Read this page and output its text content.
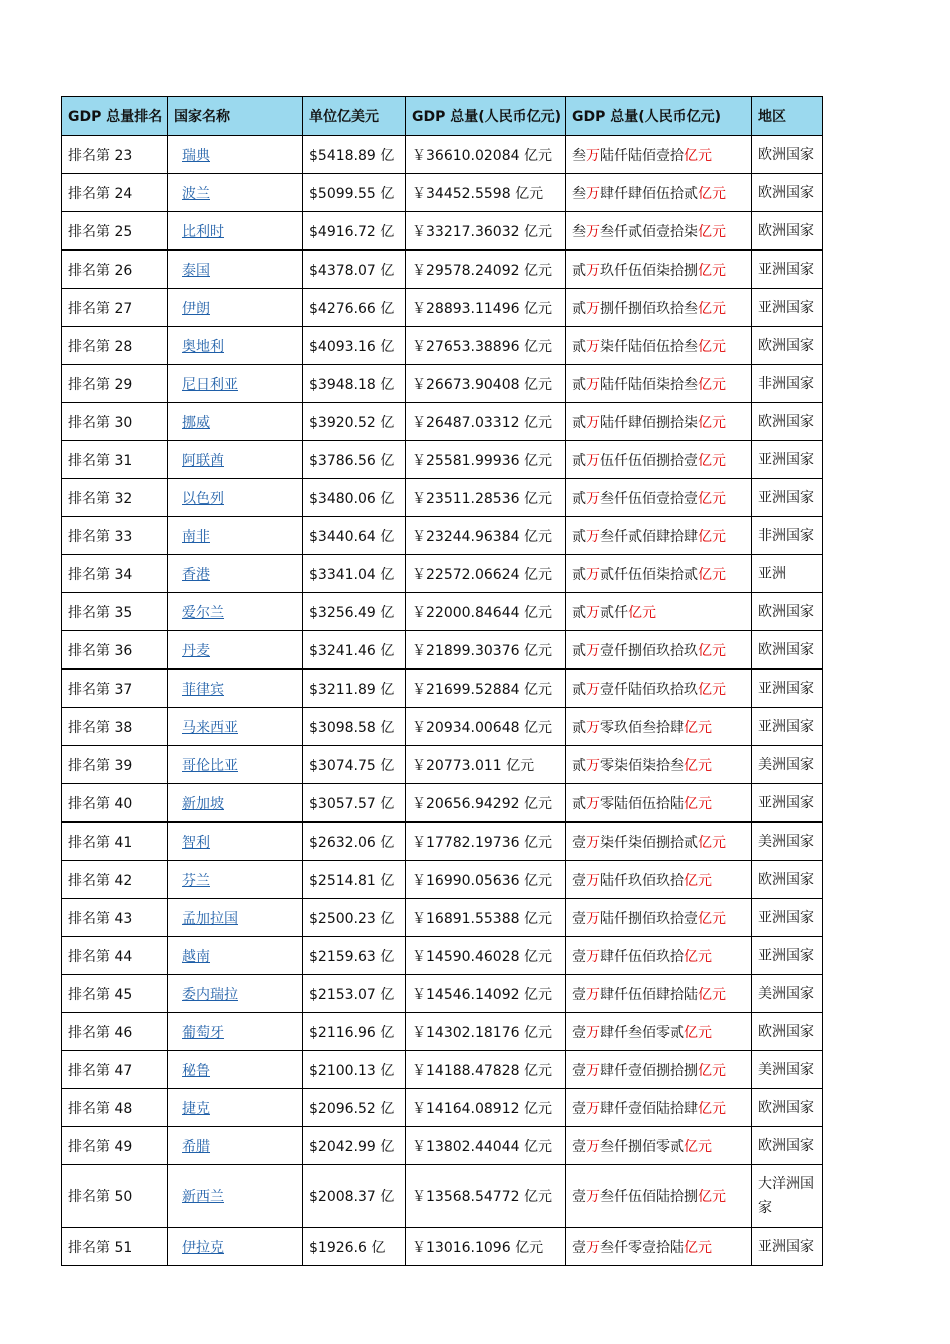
GDP 总量排名	国家名称	单位亿美元	GDP 总量(人民币亿元)	GDP 总量(人民币亿元)	地区
排名第 23	瑞典	$5418.89 亿	￥36610.02084 亿元	叁万陆仟陆佰壹拾亿元	欧洲国家
排名第 24	波兰	$5099.55 亿	￥34452.5598 亿元	叁万肆仟肆佰伍拾贰亿元	欧洲国家
排名第 25	比利时	$4916.72 亿	￥33217.36032 亿元	叁万叁仟贰佰壹拾柒亿元	欧洲国家
排名第 26	泰国	$4378.07 亿	￥29578.24092 亿元	贰万玖仟伍佰柒拾捌亿元	亚洲国家
排名第 27	伊朗	$4276.66 亿	￥28893.11496 亿元	贰万捌仟捌佰玖拾叁亿元	亚洲国家
排名第 28	奥地利	$4093.16 亿	￥27653.38896 亿元	贰万柒仟陆佰伍拾叁亿元	欧洲国家
排名第 29	尼日利亚	$3948.18 亿	￥26673.90408 亿元	贰万陆仟陆佰柒拾叁亿元	非洲国家
排名第 30	挪威	$3920.52 亿	￥26487.03312 亿元	贰万陆仟肆佰捌拾柒亿元	欧洲国家
排名第 31	阿联酋	$3786.56 亿	￥25581.99936 亿元	贰万伍仟伍佰捌拾壹亿元	亚洲国家
排名第 32	以色列	$3480.06 亿	￥23511.28536 亿元	贰万叁仟伍佰壹拾壹亿元	亚洲国家
排名第 33	南非	$3440.64 亿	￥23244.96384 亿元	贰万叁仟贰佰肆拾肆亿元	非洲国家
排名第 34	香港	$3341.04 亿	￥22572.06624 亿元	贰万贰仟伍佰柒拾贰亿元	亚洲
排名第 35	爱尔兰	$3256.49 亿	￥22000.84644 亿元	贰万贰仟亿元	欧洲国家
排名第 36	丹麦	$3241.46 亿	￥21899.30376 亿元	贰万壹仟捌佰玖拾玖亿元	欧洲国家
排名第 37	菲律宾	$3211.89 亿	￥21699.52884 亿元	贰万壹仟陆佰玖拾玖亿元	亚洲国家
排名第 38	马来西亚	$3098.58 亿	￥20934.00648 亿元	贰万零玖佰叁拾肆亿元	亚洲国家
排名第 39	哥伦比亚	$3074.75 亿	￥20773.011 亿元	贰万零柒佰柒拾叁亿元	美洲国家
排名第 40	新加坡	$3057.57 亿	￥20656.94292 亿元	贰万零陆佰伍拾陆亿元	亚洲国家
排名第 41	智利	$2632.06 亿	￥17782.19736 亿元	壹万柒仟柒佰捌拾贰亿元	美洲国家
排名第 42	芬兰	$2514.81 亿	￥16990.05636 亿元	壹万陆仟玖佰玖拾亿元	欧洲国家
排名第 43	孟加拉国	$2500.23 亿	￥16891.55388 亿元	壹万陆仟捌佰玖拾壹亿元	亚洲国家
排名第 44	越南	$2159.63 亿	￥14590.46028 亿元	壹万肆仟伍佰玖拾亿元	亚洲国家
排名第 45	委内瑞拉	$2153.07 亿	￥14546.14092 亿元	壹万肆仟伍佰肆拾陆亿元	美洲国家
排名第 46	葡萄牙	$2116.96 亿	￥14302.18176 亿元	壹万肆仟叁佰零贰亿元	欧洲国家
排名第 47	秘鲁	$2100.13 亿	￥14188.47828 亿元	壹万肆仟壹佰捌拾捌亿元	美洲国家
排名第 48	捷克	$2096.52 亿	￥14164.08912 亿元	壹万肆仟壹佰陆拾肆亿元	欧洲国家
排名第 49	希腊	$2042.99 亿	￥13802.44044 亿元	壹万叁仟捌佰零贰亿元	欧洲国家
排名第 50	新西兰	$2008.37 亿	￥13568.54772 亿元	壹万叁仟伍佰陆拾捌亿元	大洋洲国家
排名第 51	伊拉克	$1926.6 亿	￥13016.1096 亿元	壹万叁仟零壹拾陆亿元	亚洲国家
